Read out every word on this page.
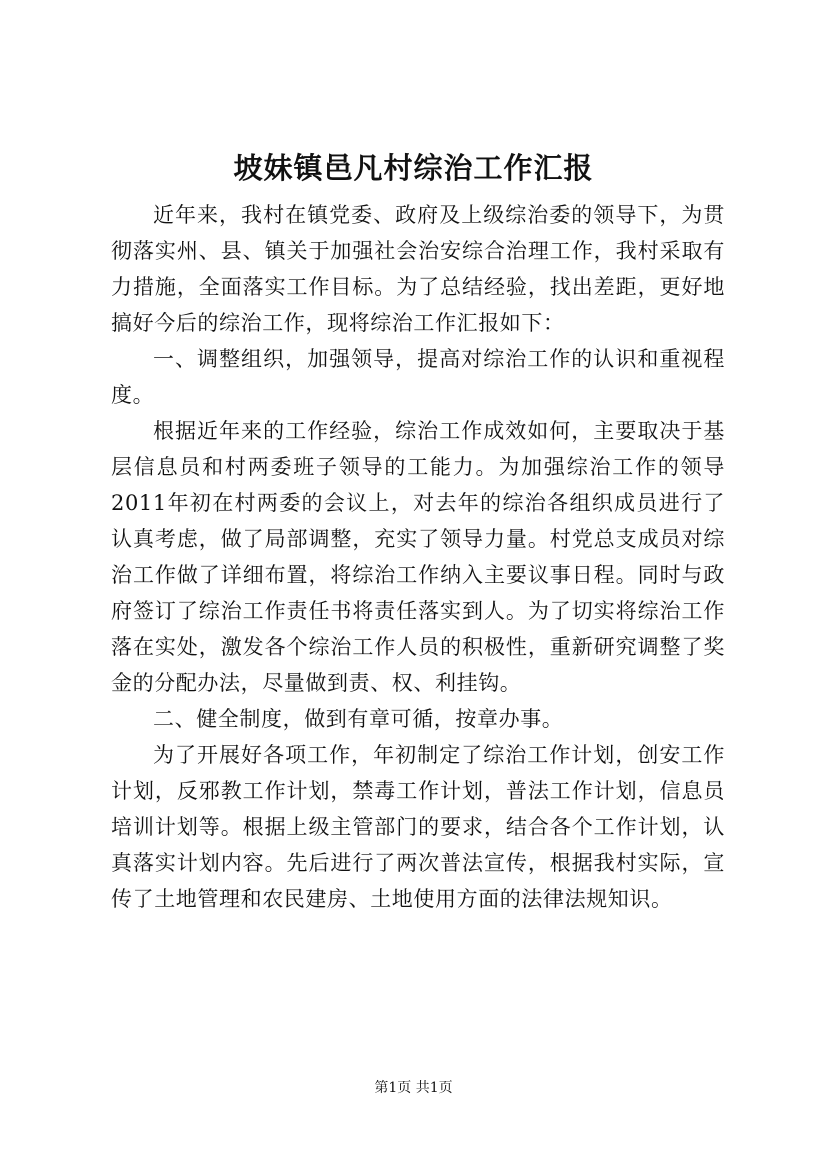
坡妹镇邑凡村综治工作汇报

近年来，我村在镇党委、政府及上级综治委的领导下，为贯彻落实州、县、镇关于加强社会治安综合治理工作，我村采取有力措施，全面落实工作目标。为了总结经验，找出差距，更好地搞好今后的综治工作，现将综治工作汇报如下：

一、调整组织，加强领导，提高对综治工作的认识和重视程度。

根据近年来的工作经验，综治工作成效如何，主要取决于基层信息员和村两委班子领导的工能力。为加强综治工作的领导2011年初在村两委的会议上，对去年的综治各组织成员进行了认真考虑，做了局部调整，充实了领导力量。村党总支成员对综治工作做了详细布置，将综治工作纳入主要议事日程。同时与政府签订了综治工作责任书将责任落实到人。为了切实将综治工作落在实处，激发各个综治工作人员的积极性，重新研究调整了奖金的分配办法，尽量做到责、权、利挂钩。

二、健全制度，做到有章可循，按章办事。

为了开展好各项工作，年初制定了综治工作计划，创安工作计划，反邪教工作计划，禁毒工作计划，普法工作计划，信息员培训计划等。根据上级主管部门的要求，结合各个工作计划，认真落实计划内容。先后进行了两次普法宣传，根据我村实际，宣传了土地管理和农民建房、土地使用方面的法律法规知识。

第1页 共1页
